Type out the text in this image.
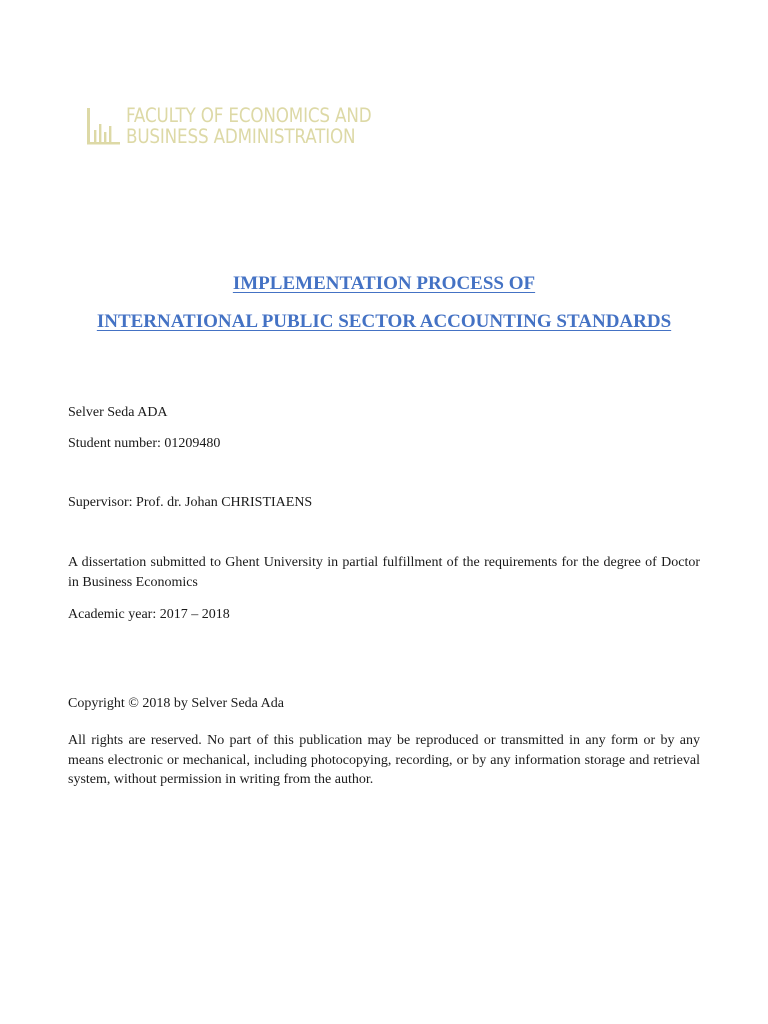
FACULTY OF ECONOMICS AND
BUSINESS ADMINISTRATION
IMPLEMENTATION PROCESS OF
INTERNATIONAL PUBLIC SECTOR ACCOUNTING STANDARDS
Selver Seda ADA
Student number: 01209480
Supervisor: Prof. dr. Johan CHRISTIAENS
A dissertation submitted to Ghent University in partial fulfillment of the requirements for the degree of Doctor in Business Economics
Academic year: 2017 – 2018
Copyright © 2018 by Selver Seda Ada
All rights are reserved. No part of this publication may be reproduced or transmitted in any form or by any means electronic or mechanical, including photocopying, recording, or by any information storage and retrieval system, without permission in writing from the author.
